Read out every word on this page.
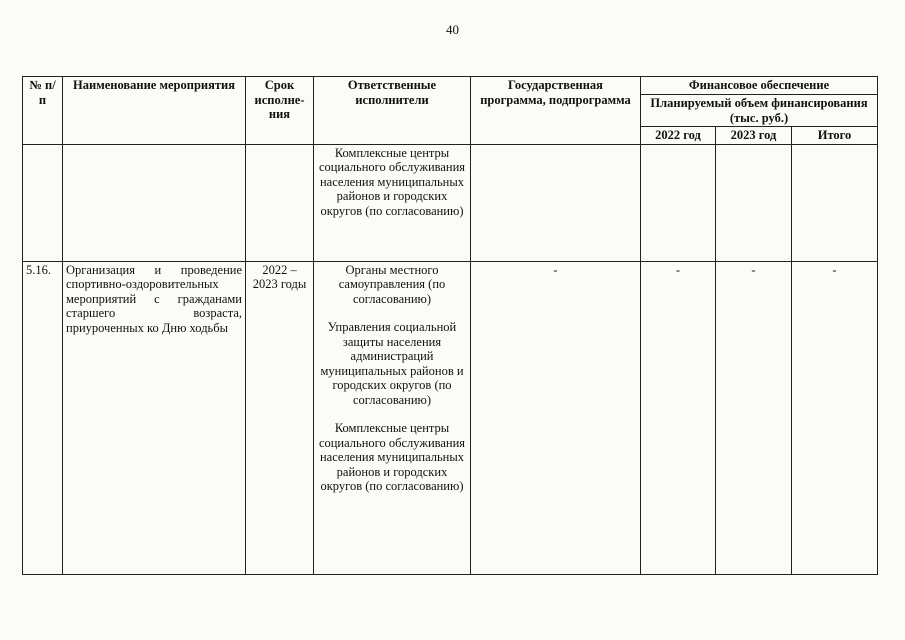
40
№ п/п	Наименование мероприятия	Срок исполне- ния	Ответственные исполнители	Государственная программа, подпрограмма	Финансовое обеспечение		
					Планируемый объем финансирования (тыс. руб.)		
					2022 год	2023 год	Итого

			Комплексные центры социального обслуживания населения муниципальных районов и городских округов (по согласованию)				

5.16.	Организация и проведение спортивно-оздоровительных мероприятий с гражданами старшего возраста, приуроченных ко Дню ходьбы	2022 – 2023 годы	Органы местного самоуправления (по согласованию)
Управления социальной защиты населения администраций муниципальных районов и городских округов (по согласованию)
Комплексные центры социального обслуживания населения муниципальных районов и городских округов (по согласованию)	-	-	-	-
